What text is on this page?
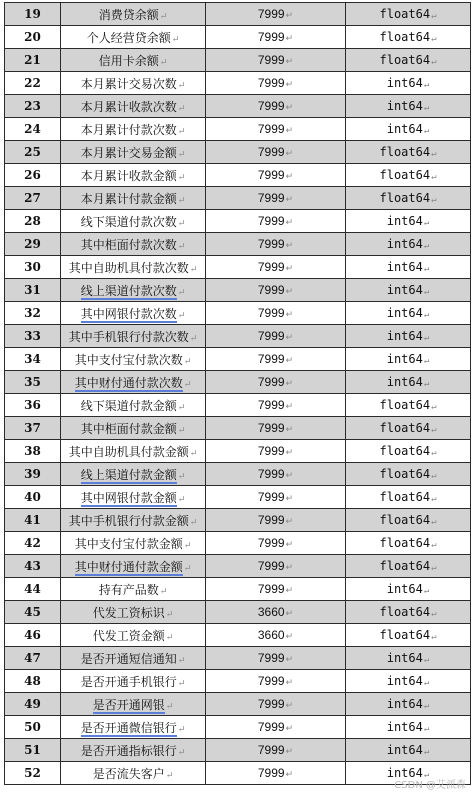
19	消费贷余额↵	7999↵	float64↵
20	个人经营贷余额↵	7999↵	float64↵
21	信用卡余额↵	7999↵	float64↵
22	本月累计交易次数↵	7999↵	int64↵
23	本月累计收款次数↵	7999↵	int64↵
24	本月累计付款次数↵	7999↵	int64↵
25	本月累计交易金额↵	7999↵	float64↵
26	本月累计收款金额↵	7999↵	float64↵
27	本月累计付款金额↵	7999↵	float64↵
28	线下渠道付款次数↵	7999↵	int64↵
29	其中柜面付款次数↵	7999↵	int64↵
30	其中自助机具付款次数↵	7999↵	int64↵
31	线上渠道付款次数↵	7999↵	int64↵
32	其中网银付款次数↵	7999↵	int64↵
33	其中手机银行付款次数↵	7999↵	int64↵
34	其中支付宝付款次数↵	7999↵	int64↵
35	其中财付通付款次数↵	7999↵	int64↵
36	线下渠道付款金额↵	7999↵	float64↵
37	其中柜面付款金额↵	7999↵	float64↵
38	其中自助机具付款金额↵	7999↵	float64↵
39	线上渠道付款金额↵	7999↵	float64↵
40	其中网银付款金额↵	7999↵	float64↵
41	其中手机银行付款金额↵	7999↵	float64↵
42	其中支付宝付款金额↵	7999↵	float64↵
43	其中财付通付款金额↵	7999↵	float64↵
44	持有产品数↵	7999↵	int64↵
45	代发工资标识↵	3660↵	float64↵
46	代发工资金额↵	3660↵	float64↵
47	是否开通短信通知↵	7999↵	int64↵
48	是否开通手机银行↵	7999↵	int64↵
49	是否开通网银↵	7999↵	int64↵
50	是否开通微信银行↵	7999↵	int64↵
51	是否开通指标银行↵	7999↵	int64↵
52	是否流失客户↵	7999↵	int64↵
CSDN @艾派森
